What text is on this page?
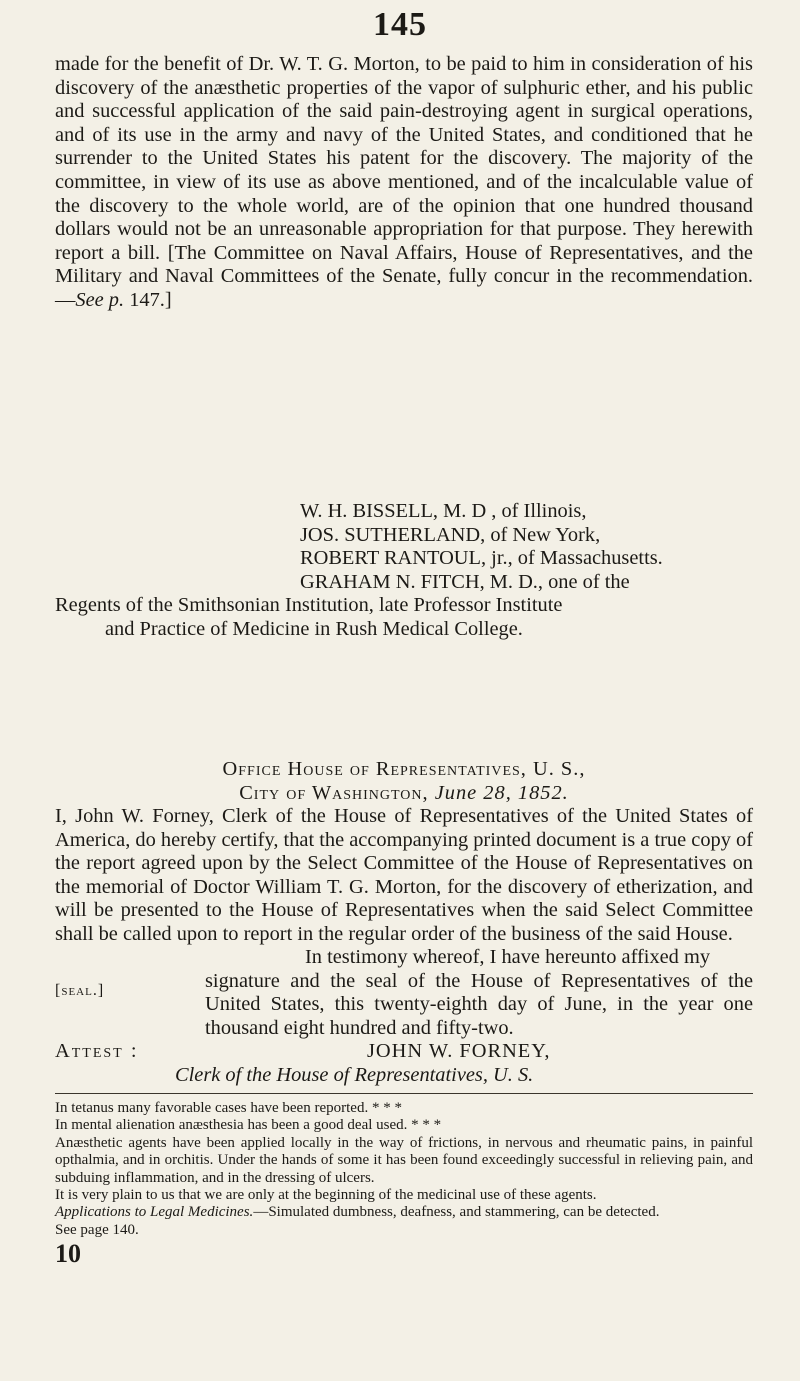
145

made for the benefit of Dr. W. T. G. Morton, to be paid to him in consideration of his discovery of the anæsthetic properties of the vapor of sulphuric ether, and his public and successful application of the said pain-destroying agent in surgical operations, and of its use in the army and navy of the United States, and conditioned that he surrender to the United States his patent for the discovery. The majority of the committee, in view of its use as above mentioned, and of the incalculable value of the discovery to the whole world, are of the opinion that one hundred thousand dollars would not be an unreasonable appropriation for that purpose. They herewith report a bill. [The Committee on Naval Affairs, House of Representatives, and the Military and Naval Committees of the Senate, fully concur in the recommendation.—See p. 147.]

W. H. BISSELL, M. D , of Illinois,

JOS. SUTHERLAND, of New York,

ROBERT RANTOUL, jr., of Massachusetts.

GRAHAM N. FITCH, M. D., one of the

Regents of the Smithsonian Institution, late Professor Institute

and Practice of Medicine in Rush Medical College.

Office House of Representatives, U. S.,
City of Washington, June 28, 1852.
I, John W. Forney, Clerk of the House of Representatives of the United States of America, do hereby certify, that the accompanying printed document is a true copy of the report agreed upon by the Select Committee of the House of Representatives on the memorial of Doctor William T. G. Morton, for the discovery of etherization, and will be presented to the House of Representatives when the said Select Committee shall be called upon to report in the regular order of the business of the said House.
In testimony whereof, I have hereunto affixed my
signature and the seal of the House of Representatives of the United States, this twenty-eighth day of June, in the year one thousand eight hundred and fifty-two.
[seal.]
Attest :	JOHN W. FORNEY,
Clerk of the House of Representatives, U. S.

In tetanus many favorable cases have been reported. * * *

In mental alienation anæsthesia has been a good deal used. * * *

Anæsthetic agents have been applied locally in the way of frictions, in nervous and rheumatic pains, in painful opthalmia, and in orchitis. Under the hands of some it has been found exceedingly successful in relieving pain, and subduing inflammation, and in the dressing of ulcers.

It is very plain to us that we are only at the beginning of the medicinal use of these agents.

Applications to Legal Medicines.—Simulated dumbness, deafness, and stammering, can be detected.

See page 140.

10
